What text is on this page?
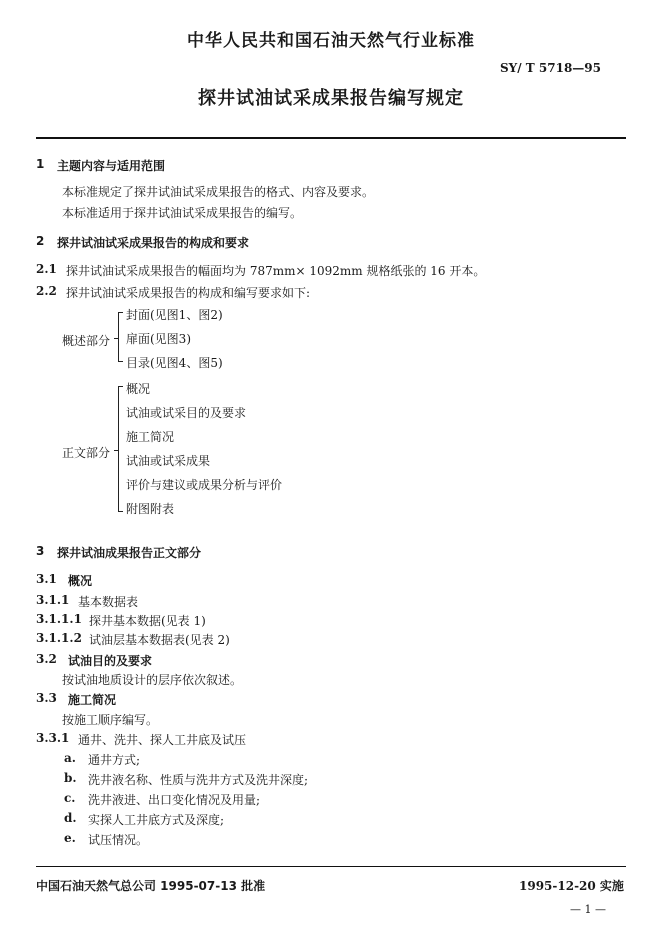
中华人民共和国石油天然气行业标准
SY/ T 5718—95
探井试油试采成果报告编写规定
1 主题内容与适用范围
本标准规定了探井试油试采成果报告的格式、内容及要求。
本标准适用于探井试油试采成果报告的编写。
2 探井试油试采成果报告的构成和要求
2.1 探井试油试采成果报告的幅面均为 787mm× 1092mm 规格纸张的 16 开本。
2.2 探井试油试采成果报告的构成和编写要求如下:
概述部分
封面(见图1、图2)
扉面(见图3)
目录(见图4、图5)
正文部分
概况
试油或试采目的及要求
施工简况
试油或试采成果
评价与建议或成果分析与评价
附图附表
3 探井试油成果报告正文部分
3.1 概况
3.1.1 基本数据表
3.1.1.1 探井基本数据(见表 1)
3.1.1.2 试油层基本数据表(见表 2)
3.2 试油目的及要求
按试油地质设计的层序依次叙述。
3.3 施工简况
按施工顺序编写。
3.3.1 通井、洗井、探人工井底及试压
a. 通井方式;
b. 洗井液名称、性质与洗井方式及洗井深度;
c. 洗井液进、出口变化情况及用量;
d. 实探人工井底方式及深度;
e. 试压情况。
中国石油天然气总公司 1995-07-13 批准	1995-12-20 实施
— 1 —
